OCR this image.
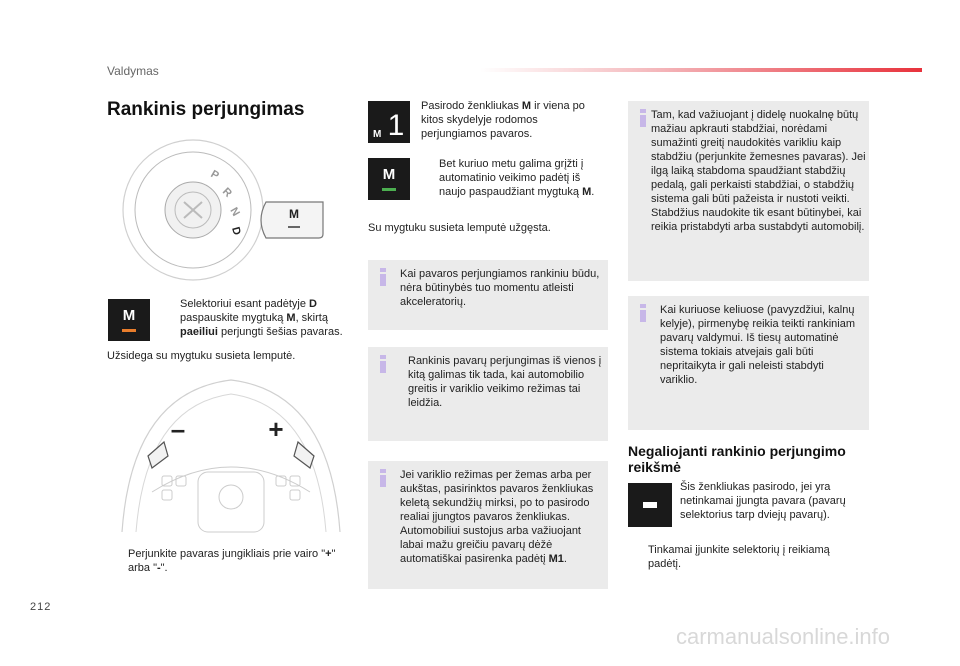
Valdymas
Rankinis perjungimas
P
R
N
D
M
M
Selektoriui esant padėtyje D paspauskite mygtuką M, skirtą paeiliui perjungti šešias pavaras.
Užsidega su mygtuku susieta lemputė.
–	+
Perjunkite pavaras jungikliais prie vairo "+" arba "-".
M 1
Pasirodo ženkliukas M ir viena po kitos skydelyje rodomos perjungiamos pavaros.
M
Bet kuriuo metu galima grįžti į automatinio veikimo padėtį iš naujo paspaudžiant mygtuką M.
Su mygtuku susieta lemputė užgęsta.
Kai pavaros perjungiamos rankiniu būdu, nėra būtinybės tuo momentu atleisti akceleratorių.
Rankinis pavarų perjungimas iš vienos į kitą galimas tik tada, kai automobilio greitis ir variklio veikimo režimas tai leidžia.
Jei variklio režimas per žemas arba per aukštas, pasirinktos pavaros ženkliukas keletą sekundžių mirksi, po to pasirodo realiai įjungtos pavaros ženkliukas. Automobiliui sustojus arba važiuojant labai mažu greičiu pavarų dėžė automatiškai pasirenka padėtį M1.
Tam, kad važiuojant į didelę nuokalnę būtų mažiau apkrauti stabdžiai, norėdami sumažinti greitį naudokitės varikliu kaip stabdžiu (perjunkite žemesnes pavaras). Jei ilgą laiką stabdoma spaudžiant stabdžių pedalą, gali perkaisti stabdžiai, o stabdžių sistema gali būti pažeista ir nustoti veikti. Stabdžius naudokite tik esant būtinybei, kai reikia pristabdyti arba sustabdyti automobilį.
Kai kuriuose keliuose (pavyzdžiui, kalnų kelyje), pirmenybę reikia teikti rankiniam pavarų valdymui. Iš tiesų automatinė sistema tokiais atvejais gali būti nepritaikyta ir gali neleisti stabdyti variklio.
Negaliojanti rankinio perjungimo reikšmė
Šis ženkliukas pasirodo, jei yra netinkamai įjungta pavara (pavarų selektorius tarp dviejų pavarų).
Tinkamai įjunkite selektorių į reikiamą padėtį.
212
carmanualsonline.info
